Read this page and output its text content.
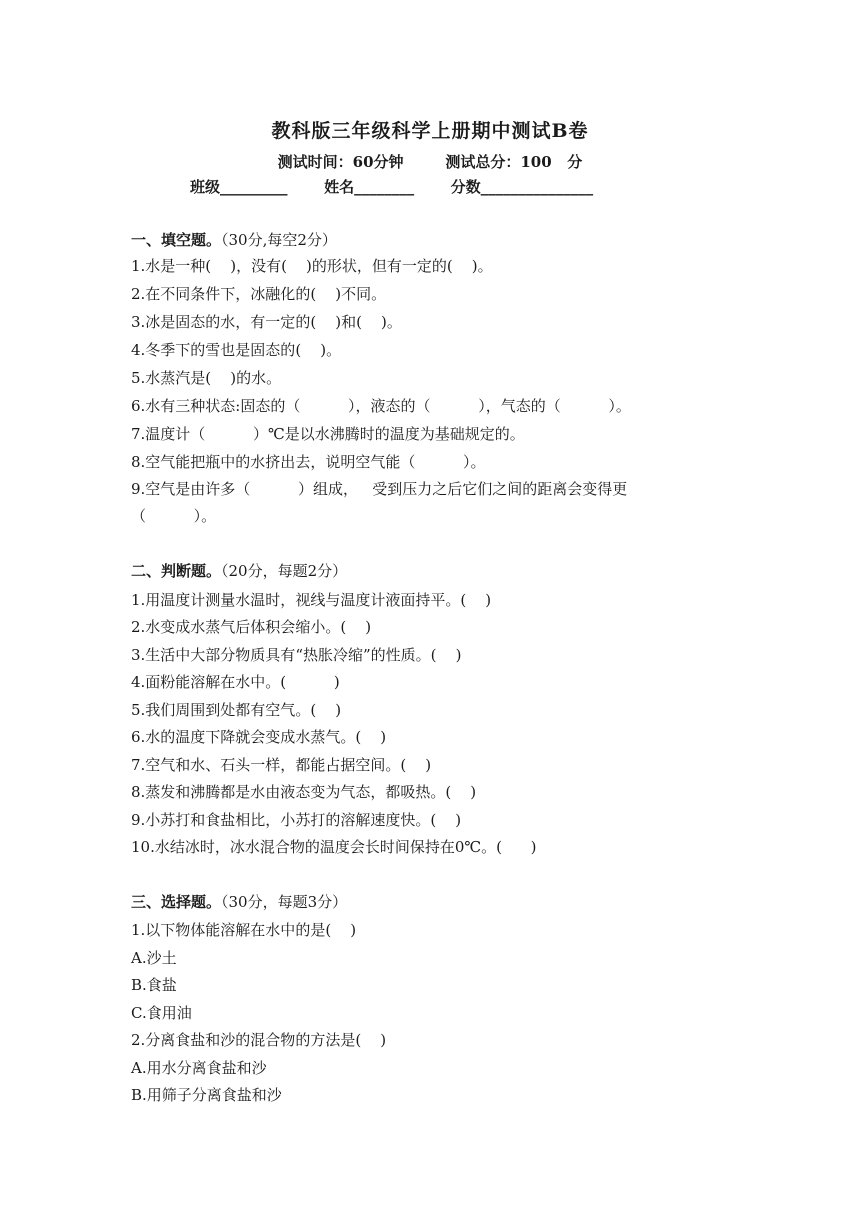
教科版三年级科学上册期中测试B卷
测试时间：60分钟	测试总分：100   分
班级_________ 姓名________ 分数_______________
一、填空题。（30分,每空2分）
1.水是一种(    )，没有(    )的形状，但有一定的(    )。
2.在不同条件下，冰融化的(    )不同。
3.冰是固态的水，有一定的(    )和(    )。
4.冬季下的雪也是固态的(    )。
5.水蒸汽是(    )的水。
6.水有三种状态:固态的（          ），液态的（          ），气态的（          ）。
7.温度计（          ）℃是以水沸腾时的温度为基础规定的。
8.空气能把瓶中的水挤出去，说明空气能（          ）。
9.空气是由许多（          ）组成，   受到压力之后它们之间的距离会变得更
（          ）。
二、判断题。（20分，每题2分）
1.用温度计测量水温时，视线与温度计液面持平。(    )
2.水变成水蒸气后体积会缩小。(    )
3.生活中大部分物质具有“热胀冷缩”的性质。(    )
4.面粉能溶解在水中。(          )
5.我们周围到处都有空气。(    )
6.水的温度下降就会变成水蒸气。(    )
7.空气和水、石头一样，都能占据空间。(    )
8.蒸发和沸腾都是水由液态变为气态，都吸热。(    )
9.小苏打和食盐相比，小苏打的溶解速度快。(    )
10.水结冰时，冰水混合物的温度会长时间保持在0℃。(      )
三、选择题。（30分，每题3分）
1.以下物体能溶解在水中的是(    )
A.沙土
B.食盐
C.食用油
2.分离食盐和沙的混合物的方法是(    )
A.用水分离食盐和沙
B.用筛子分离食盐和沙
